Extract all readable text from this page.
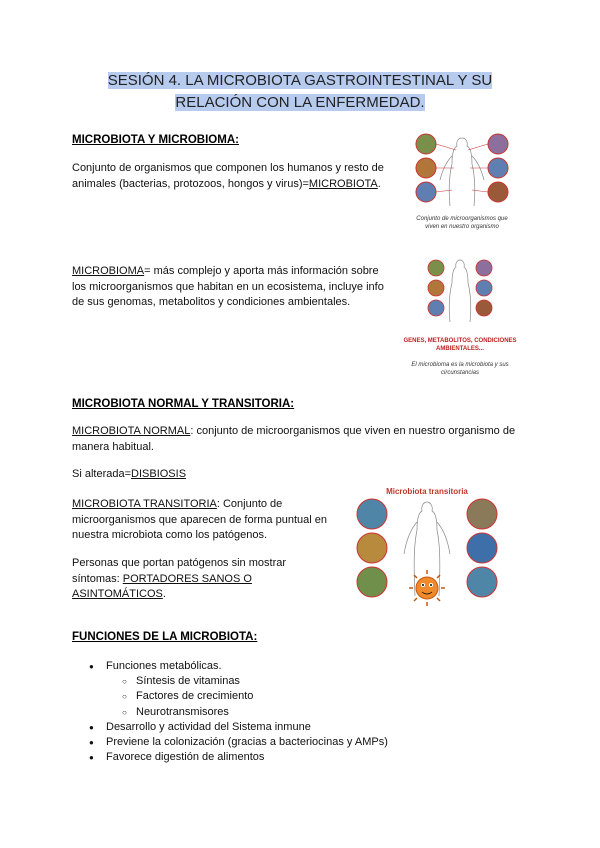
SESIÓN 4. LA MICROBIOTA GASTROINTESTINAL Y SU
RELACIÓN CON LA ENFERMEDAD.
MICROBIOTA Y MICROBIOMA:
Conjunto de organismos que componen los humanos y resto de animales (bacterias, protozoos, hongos y virus)=MICROBIOTA.
Conjunto de microorganismos que viven en nuestro organismo
MICROBIOMA= más complejo y aporta más información sobre los microorganismos que habitan en un ecosistema, incluye info de sus genomas, metabolitos y condiciones ambientales.
GENES, METABOLITOS, CONDICIONES AMBIENTALES...
El microbioma es la microbiota y sus circunstancias
MICROBIOTA NORMAL Y TRANSITORIA:
MICROBIOTA NORMAL: conjunto de microorganismos que viven en nuestro organismo de manera habitual.
Si alterada=DISBIOSIS
MICROBIOTA TRANSITORIA: Conjunto de microorganismos que aparecen de forma puntual en nuestra microbiota como los patógenos.
Personas que portan patógenos sin mostrar síntomas: PORTADORES SANOS O ASINTOMÁTICOS.
Microbiota transitoria
FUNCIONES DE LA MICROBIOTA:
● Funciones metabólicas.
○ Síntesis de vitaminas
○ Factores de crecimiento
○ Neurotransmisores
● Desarrollo y actividad del Sistema inmune
● Previene la colonización (gracias a bacteriocinas y AMPs)
● Favorece digestión de alimentos
